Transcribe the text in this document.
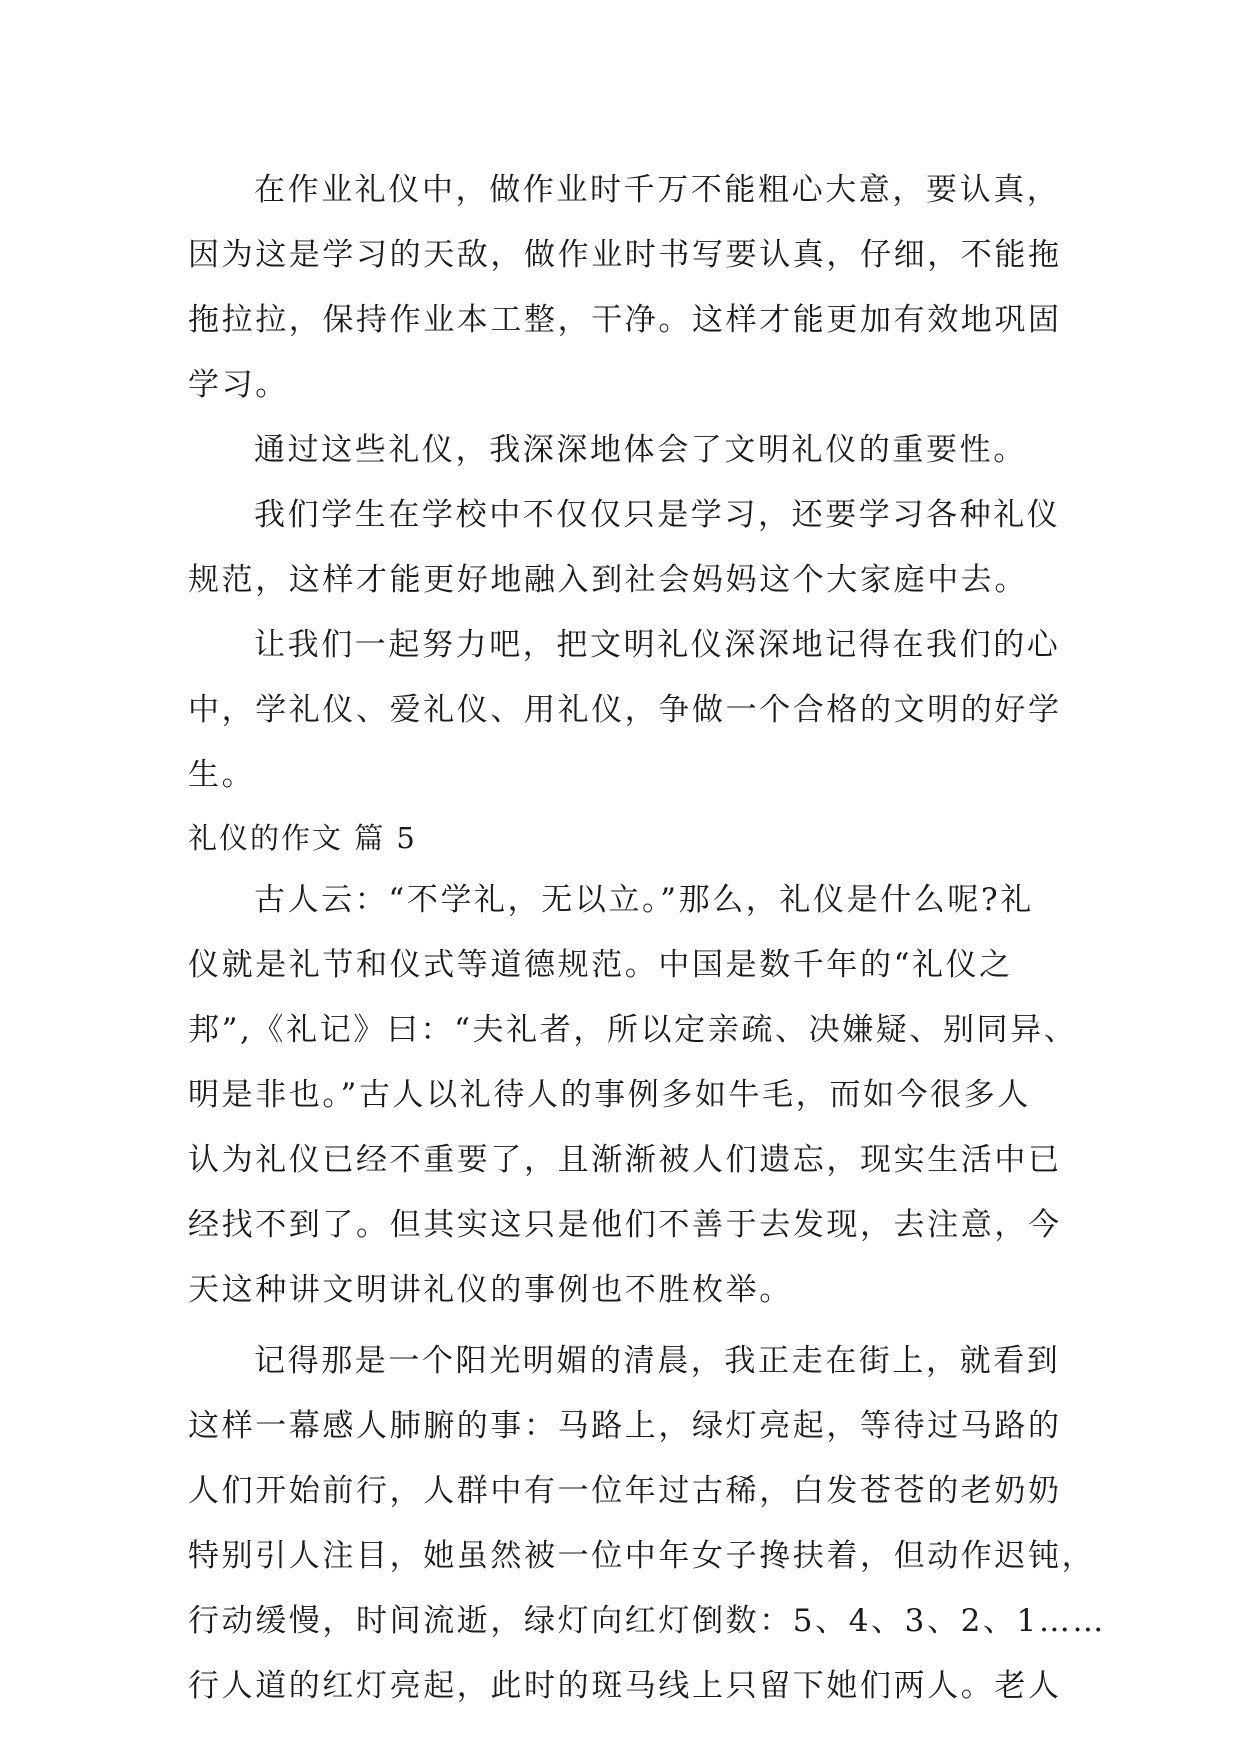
在作业礼仪中，做作业时千万不能粗心大意，要认真，
因为这是学习的天敌，做作业时书写要认真，仔细，不能拖
拖拉拉，保持作业本工整，干净。这样才能更加有效地巩固
学习。
通过这些礼仪，我深深地体会了文明礼仪的重要性。
我们学生在学校中不仅仅只是学习，还要学习各种礼仪
规范，这样才能更好地融入到社会妈妈这个大家庭中去。
让我们一起努力吧，把文明礼仪深深地记得在我们的心
中，学礼仪、爱礼仪、用礼仪，争做一个合格的文明的好学
生。
礼仪的作文 篇 5
古人云：“不学礼，无以立。”那么，礼仪是什么呢?礼
仪就是礼节和仪式等道德规范。中国是数千年的“礼仪之
邦”,《礼记》曰：“夫礼者，所以定亲疏、决嫌疑、别同异、
明是非也。”古人以礼待人的事例多如牛毛，而如今很多人
认为礼仪已经不重要了，且渐渐被人们遗忘，现实生活中已
经找不到了。但其实这只是他们不善于去发现，去注意，今
天这种讲文明讲礼仪的事例也不胜枚举。
记得那是一个阳光明媚的清晨，我正走在街上，就看到
这样一幕感人肺腑的事：马路上，绿灯亮起，等待过马路的
人们开始前行，人群中有一位年过古稀，白发苍苍的老奶奶
特别引人注目，她虽然被一位中年女子搀扶着，但动作迟钝，
行动缓慢，时间流逝，绿灯向红灯倒数：5、4、3、2、1……
行人道的红灯亮起，此时的斑马线上只留下她们两人。老人
